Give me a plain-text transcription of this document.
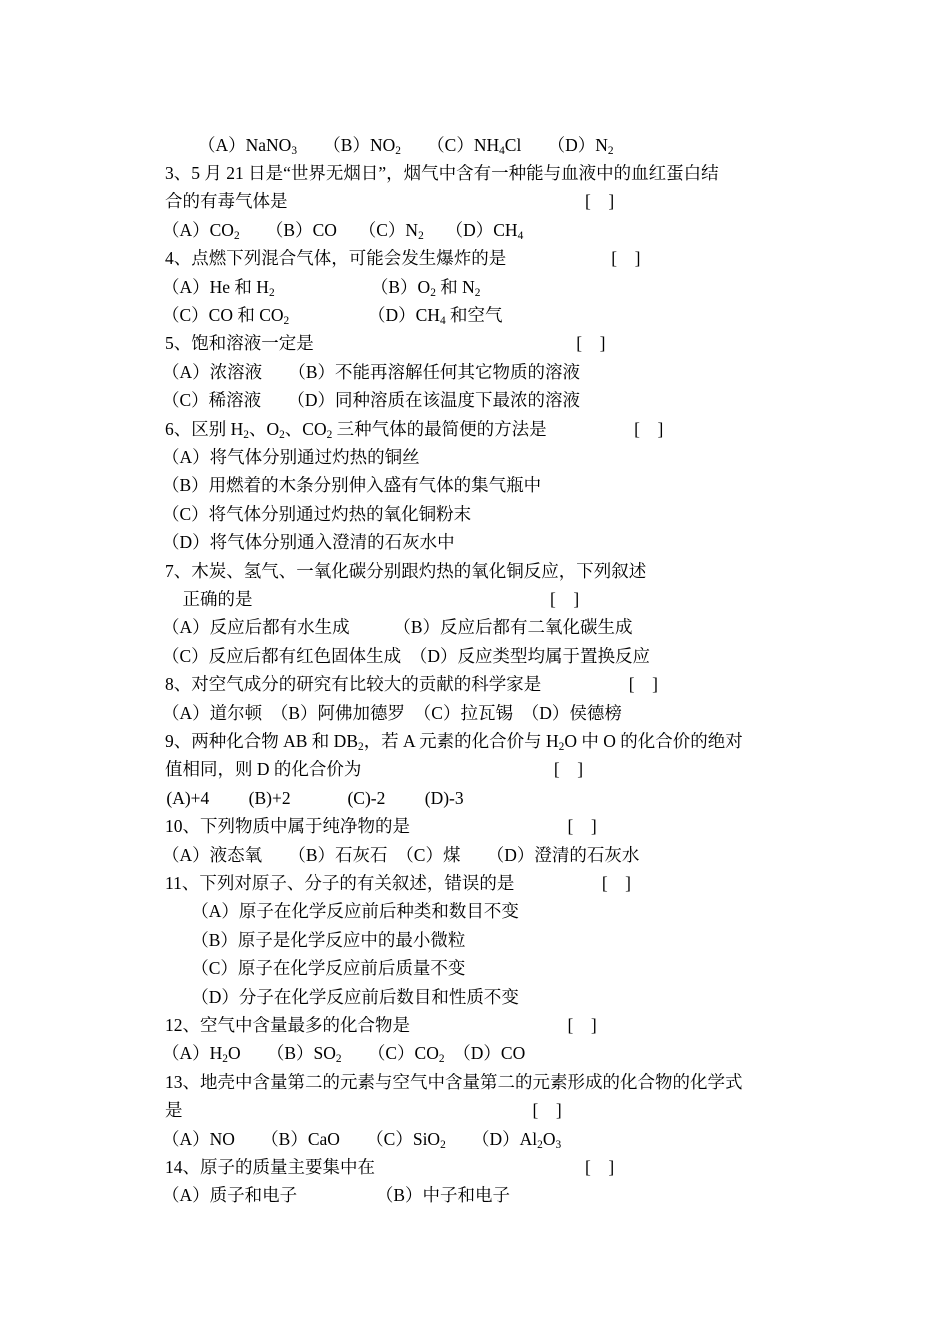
（A）NaNO$_3$　　$(B)NO_2$　　$(C)NH_4Cl$　　$(D)N_2$
3、5 月 21 日是“世界无烟日”，烟气中含有一种能与血液中的血红蛋白结
合的有毒气体是　　　　　　　　　　　　　　　　　[　]
$(A)CO_2$　　（B）CO　 $(C)N_2$　 $(D)CH_4$
4、点燃下列混合气体，可能会发生爆炸的是　　　　　　[　]
（A）He 和 $H_2$　　　　　　$(B)O_2$ 和 $N_2$
（C）CO 和 $CO_2$　　　　　$(D)CH_4$ 和空气
5、饱和溶液一定是　　　　　　　　　　　　　　　[　]
（A）浓溶液　　（B）不能再溶解任何其它物质的溶液
（C）稀溶液　　（D）同种溶质在该温度下最浓的溶液
6、区别 $H_2$、$O_2$、$CO_2$ 三种气体的最简便的方法是　　　　　[　]
（A）将气体分别通过灼热的铜丝
（B）用燃着的木条分别伸入盛有气体的集气瓶中
（C）将气体分别通过灼热的氧化铜粉末
（D）将气体分别通入澄清的石灰水中
7、木炭、氢气、一氧化碳分别跟灼热的氧化铜反应，下列叙述
　正确的是　　　　　　　　　　　　　　　　　[　]
（A）反应后都有水生成　　　（B）反应后都有二氧化碳生成
（C）反应后都有红色固体生成　（D）反应类型均属于置换反应
8、对空气成分的研究有比较大的贡献的科学家是　　　　　[　]
（A）道尔顿　（B）阿佛加德罗　（C）拉瓦锡　（D）侯德榜
9、两种化合物 AB 和 $DB_2$，若 A 元素的化合价与 $H_2O$ 中 O 的化合价的绝对
值相同，则 D 的化合价为　　　　　　　　　　　[　]
(A)+4　　 (B)+2　　　 (C)-2　　 (D)-3
10、下列物质中属于纯净物的是　　　　　　　　　[　]
（A）液态氧　　（B）石灰石　（C）煤　　（D）澄清的石灰水
11、下列对原子、分子的有关叙述，错误的是　　　　　[　]
　　（A）原子在化学反应前后种类和数目不变
　　（B）原子是化学反应中的最小微粒
　　（C）原子在化学反应前后质量不变
　　（D）分子在化学反应前后数目和性质不变
12、空气中含量最多的化合物是　　　　　　　　　[　]
$(A)H_2O$　　$(B)SO_2$　　$(C)CO_2$　（D）CO
13、地壳中含量第二的元素与空气中含量第二的元素形成的化合物的化学式
是　　　　　　　　　　　　　　　　　　　　[　]
（A）NO　　（B）CaO　　（C）SiO$_2$　　$(D)Al_2O_3$
14、原子的质量主要集中在　　　　　　　　　　　　[　]
（A）质子和电子　　　　　（B）中子和电子
